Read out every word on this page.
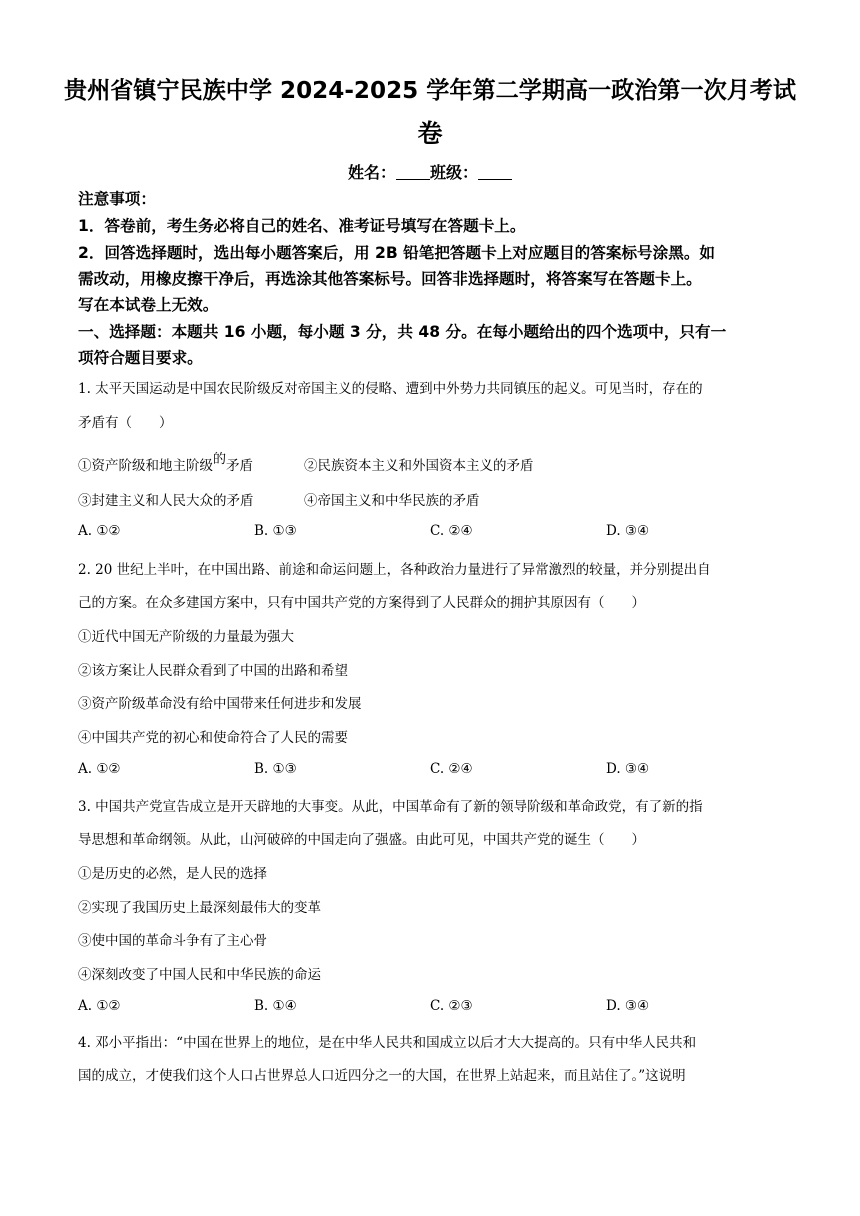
贵州省镇宁民族中学 2024-2025 学年第二学期高一政治第一次月考试
卷
姓名： 班级：
注意事项：
1．答卷前，考生务必将自己的姓名、准考证号填写在答题卡上。
2．回答选择题时，选出每小题答案后，用 2B 铅笔把答题卡上对应题目的答案标号涂黑。如
需改动，用橡皮擦干净后，再选涂其他答案标号。回答非选择题时，将答案写在答题卡上。
写在本试卷上无效。
一、选择题：本题共 16 小题，每小题 3 分，共 48 分。在每小题给出的四个选项中，只有一
项符合题目要求。
1. 太平天国运动是中国农民阶级反对帝国主义的侵略、遭到中外势力共同镇压的起义。可见当时，存在的
矛盾有（　　）
①资产阶级和地主阶级的矛盾	②民族资本主义和外国资本主义的矛盾
③封建主义和人民大众的矛盾	④帝国主义和中华民族的矛盾
A. ①②	B. ①③	C. ②④	D. ③④
2. 20 世纪上半叶，在中国出路、前途和命运问题上，各种政治力量进行了异常激烈的较量，并分别提出自
己的方案。在众多建国方案中，只有中国共产党的方案得到了人民群众的拥护其原因有（　　）
①近代中国无产阶级的力量最为强大
②该方案让人民群众看到了中国的出路和希望
③资产阶级革命没有给中国带来任何进步和发展
④中国共产党的初心和使命符合了人民的需要
A. ①②	B. ①③	C. ②④	D. ③④
3. 中国共产党宣告成立是开天辟地的大事变。从此，中国革命有了新的领导阶级和革命政党，有了新的指
导思想和革命纲领。从此，山河破碎的中国走向了强盛。由此可见，中国共产党的诞生（　　）
①是历史的必然，是人民的选择
②实现了我国历史上最深刻最伟大的变革
③使中国的革命斗争有了主心骨
④深刻改变了中国人民和中华民族的命运
A. ①②	B. ①④	C. ②③	D. ③④
4. 邓小平指出：“中国在世界上的地位，是在中华人民共和国成立以后才大大提高的。只有中华人民共和
国的成立，才使我们这个人口占世界总人口近四分之一的大国，在世界上站起来，而且站住了。”这说明
